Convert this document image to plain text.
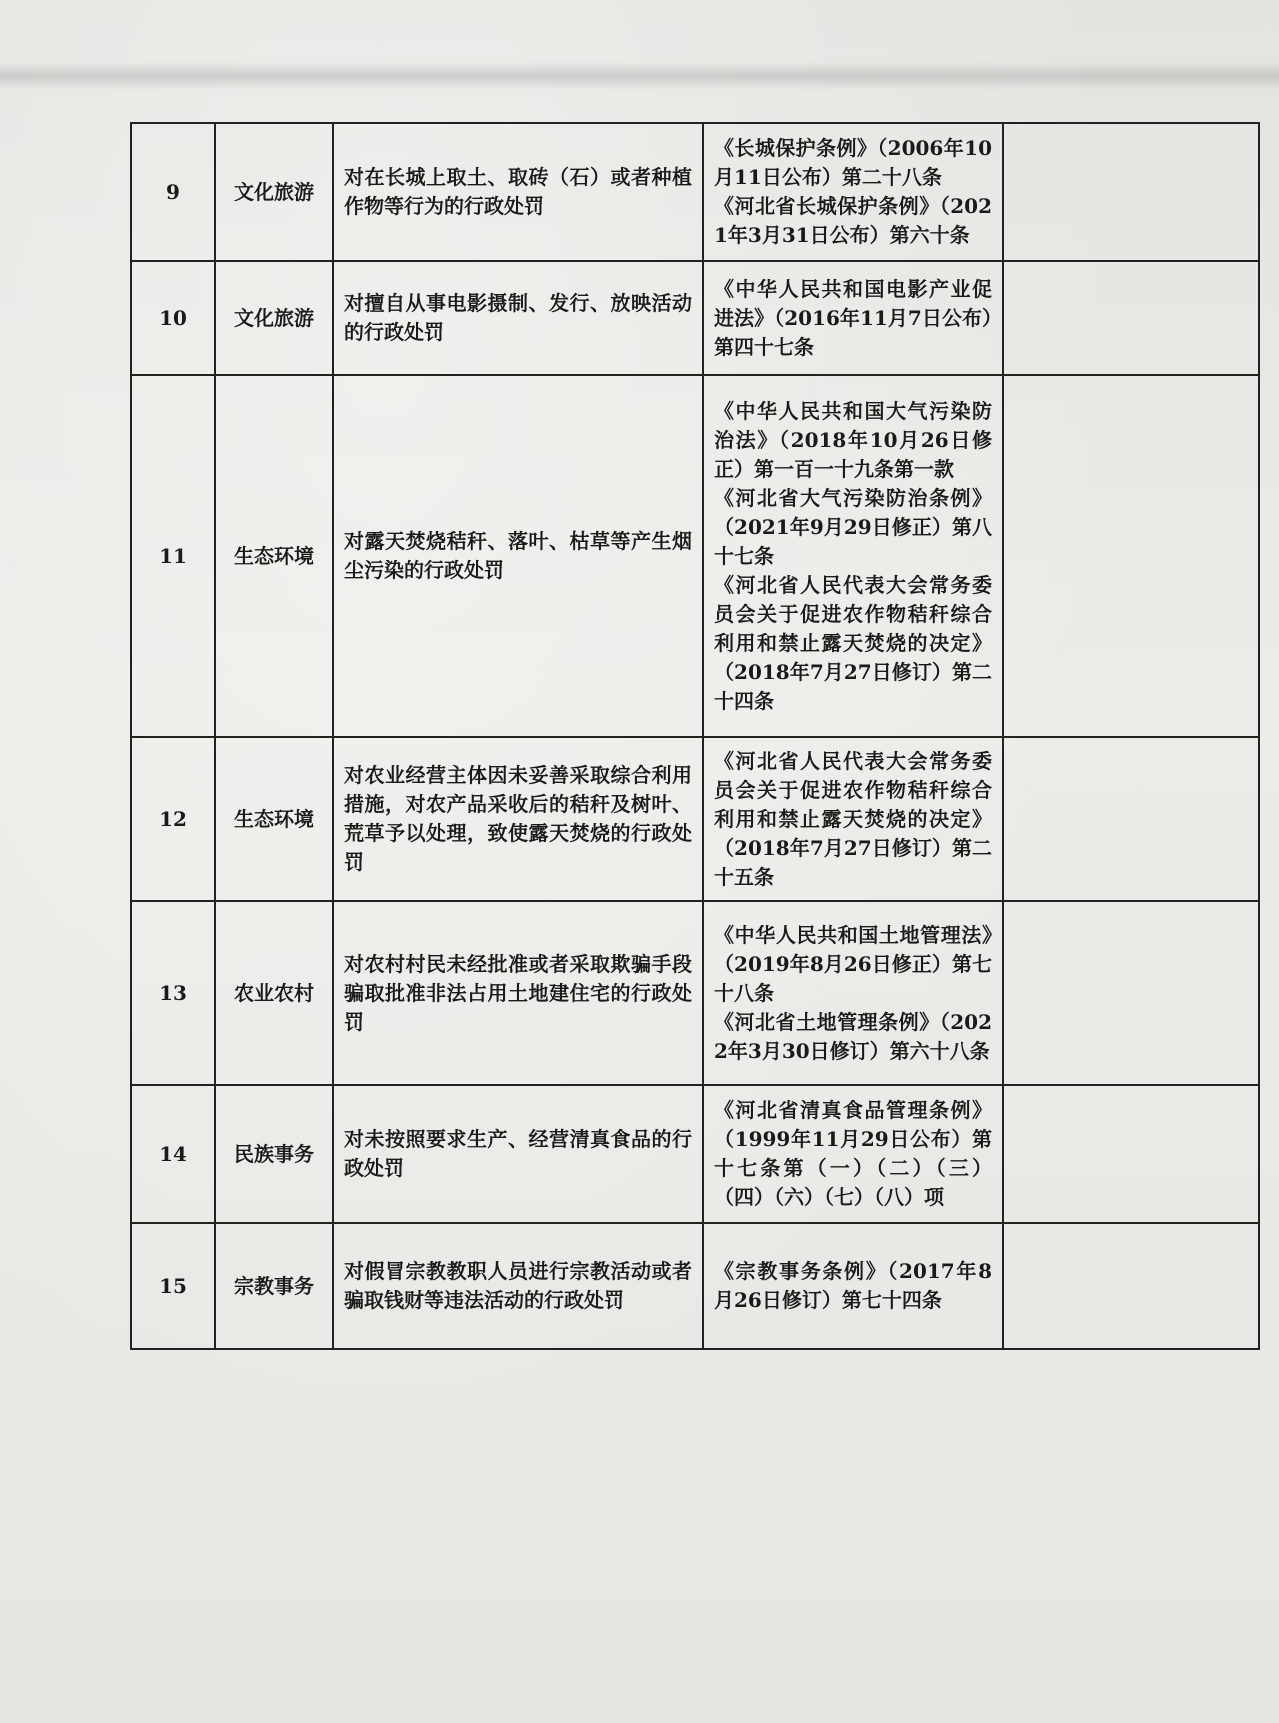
9	文化旅游	对在长城上取土、取砖（石）或者种植作物等行为的行政处罚	《长城保护条例》（2006年10月11日公布）第二十八条
《河北省长城保护条例》（2021年3月31日公布）第六十条	

10	文化旅游	对擅自从事电影摄制、发行、放映活动的行政处罚	《中华人民共和国电影产业促进法》（2016年11月7日公布）第四十七条	

11	生态环境	对露天焚烧秸秆、落叶、枯草等产生烟尘污染的行政处罚	《中华人民共和国大气污染防治法》（2018年10月26日修正）第一百一十九条第一款
《河北省大气污染防治条例》（2021年9月29日修正）第八十七条
《河北省人民代表大会常务委员会关于促进农作物秸秆综合利用和禁止露天焚烧的决定》（2018年7月27日修订）第二十四条	

12	生态环境	对农业经营主体因未妥善采取综合利用措施，对农产品采收后的秸秆及树叶、荒草予以处理，致使露天焚烧的行政处罚	《河北省人民代表大会常务委员会关于促进农作物秸秆综合利用和禁止露天焚烧的决定》（2018年7月27日修订）第二十五条	

13	农业农村	对农村村民未经批准或者采取欺骗手段骗取批准非法占用土地建住宅的行政处罚	《中华人民共和国土地管理法》（2019年8月26日修正）第七十八条
《河北省土地管理条例》（2022年3月30日修订）第六十八条	

14	民族事务	对未按照要求生产、经营清真食品的行政处罚	《河北省清真食品管理条例》（1999年11月29日公布）第十七条第（一）（二）（三）（四）（六）（七）（八）项	

15	宗教事务	对假冒宗教教职人员进行宗教活动或者骗取钱财等违法活动的行政处罚	《宗教事务条例》（2017年8月26日修订）第七十四条	
